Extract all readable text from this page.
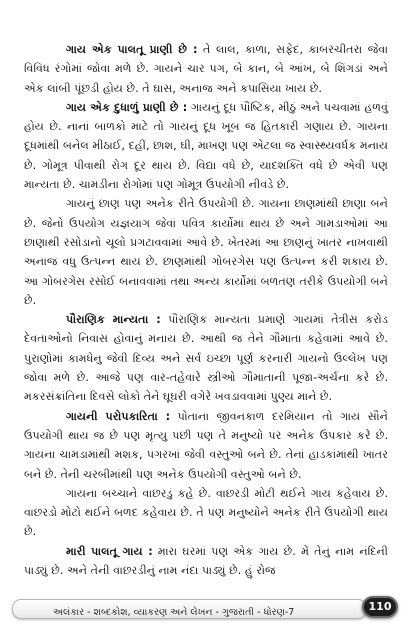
ગાય એક પાલતૂ પ્રાણી છે : તે લાલ, કાળા, સફેદ, કાબરચીતરા જેવા વિવિધ રંગોમાં જોવા મળે છે. ગાયને ચાર પગ, બે કાન, બે આંખ, બે શિંગડાં અને એક લાંબી પૂંછડી હોય છે. તે ઘાસ, અનાજ અને કપાસિયા ખાય છે.

ગાય એક દુધાળું પ્રાણી છે : ગાયનું દૂધ પૌષ્ટિક, મીઠું અને પચવામાં હળવું હોય છે. નાનાં બાળકો માટે તો ગાયનું દૂધ ખૂબ જ હિતકારી ગણાય છે. ગાયના દૂધમાંથી બનેલ મીઠાઈ, દહીં, છાશ, ઘી, માખણ પણ એટલા જ સ્વાસ્થ્યવર્ધક મનાય છે. ગોમૂત્ર પીવાથી રોગ દૂર થાય છે. વિદ્યા વધે છે, યાદશક્તિ વધે છે એવી પણ માન્યતા છે. ચામડીના રોગોમાં પણ ગોમૂત્ર ઉપયોગી નીવડે છે.

ગાયનું છાણ પણ અનેક રીતે ઉપયોગી છે. ગાયના છાણમાંથી છાણા બને છે. જેનો ઉપયોગ યજ્ઞયાગ જેવાં પવિત્ર કાર્યોમાં થાય છે અને ગામડાઓમાં આ છાણાથી રસોડાનો ચૂલો પ્રગટાવવામાં આવે છે. ખેતરમાં આ છાણનું ખાતર નાખવાથી અનાજ વધુ ઉત્પન્ન થાય છે. છાણમાંથી ગોબરગેસ પણ ઉત્પન્ન કરી શકાય છે. આ ગોબરગેસ રસોઈ બનાવવામાં તથા અન્ય કાર્યોમાં બળતણ તરીકે ઉપયોગી બને છે.

પૌરાણિક માન્યતા : પૌરાણિક માન્યતા પ્રમાણે ગાયમાં તેત્રીસ કરોડ દેવતાઓનો નિવાસ હોવાનું મનાય છે. આથી જ તેને ગૌમાતા કહેવામાં આવે છે. પુરાણોમાં કામધેનુ જેવી દિવ્ય અને સર્વ ઇચ્છા પૂર્ણ કરનારી ગાયનો ઉલ્લેખ પણ જોવા મળે છે. આજે પણ વાર-તહેવારે સ્ત્રીઓ ગૌમાતાની પૂજા-અર્ચના કરે છે. મકરસંક્રાંતિના દિવસે લોકો તેને ઘૂઘરી વગેરે ખવડાવવામાં પુણ્ય માને છે.

ગાયની પરોપકારિતા : પોતાના જીવનકાળ દરમિયાન તો ગાય સૌને ઉપયોગી થાય જ છે પણ મૃત્યુ પછી પણ તે મનુષ્યો પર અનેક ઉપકાર કરે છે. ગાયના ચામડામાંથી મશક, પગરખાં જેવી વસ્તુઓ બને છે. તેનાં હાડકાંમાંથી ખાતર બને છે. તેની ચરબીમાંથી પણ અનેક ઉપયોગી વસ્તુઓ બને છે.

ગાયના બચ્ચાને વાછરડું કહે છે. વાછરડી મોટી થઈને ગાય કહેવાય છે. વાછરડો મોટો થઈને બળદ કહેવાય છે. તે પણ મનુષ્યોને અનેક રીતે ઉપયોગી થાય છે.

મારી પાલતૂ ગાય : મારા ઘરમાં પણ એક ગાય છે. મેં તેનું નામ નંદિની પાડ્યું છે. અને તેની વાછરડીનું નામ નંદા પાડ્યું છે. હું રોજ

અલંકાર - શબ્દકોશ, વ્યાકરણ અને લેખન - ગુજરાતી - ધોરણ-7	110
